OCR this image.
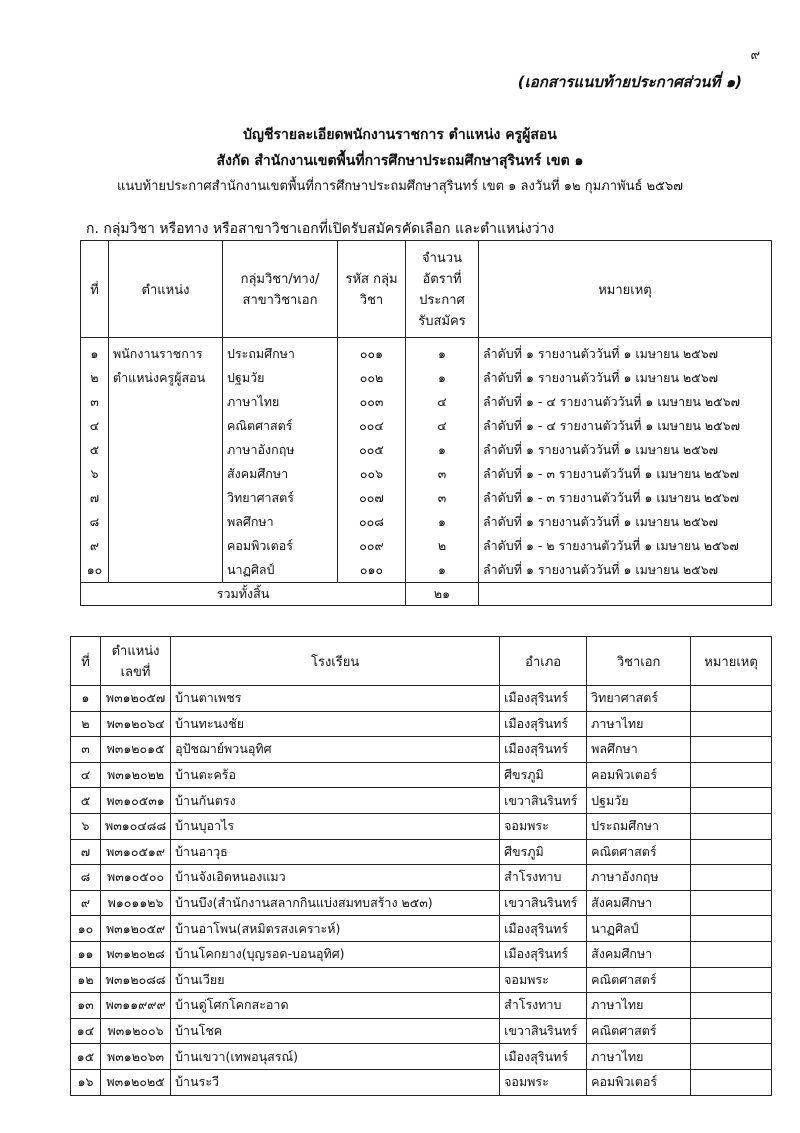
๙
(เอกสารแนบท้ายประกาศส่วนที่ ๑)
บัญชีรายละเอียดพนักงานราชการ ตำแหน่ง ครูผู้สอน
สังกัด สำนักงานเขตพื้นที่การศึกษาประถมศึกษาสุรินทร์ เขต ๑
แนบท้ายประกาศสำนักงานเขตพื้นที่การศึกษาประถมศึกษาสุรินทร์ เขต ๑ ลงวันที่ ๑๒ กุมภาพันธ์ ๒๕๖๗
ก. กลุ่มวิชา หรือทาง หรือสาขาวิชาเอกที่เปิดรับสมัครคัดเลือก และตำแหน่งว่าง
ที่	ตำแหน่ง	กลุ่มวิชา/ทาง/ สาขาวิชาเอก	รหัส กลุ่มวิชา	จำนวน อัตราที่ ประกาศ รับสมัคร	หมายเหตุ
๑	พนักงานราชการ	ประถมศึกษา	๐๐๑	๑	ลำดับที่ ๑ รายงานตัววันที่ ๑ เมษายน ๒๕๖๗
๒	ตำแหน่งครูผู้สอน	ปฐมวัย	๐๐๒	๑	ลำดับที่ ๑ รายงานตัววันที่ ๑ เมษายน ๒๕๖๗
๓		ภาษาไทย	๐๐๓	๔	ลำดับที่ ๑ - ๔ รายงานตัววันที่ ๑ เมษายน ๒๕๖๗
๔		คณิตศาสตร์	๐๐๔	๔	ลำดับที่ ๑ - ๔ รายงานตัววันที่ ๑ เมษายน ๒๕๖๗
๕		ภาษาอังกฤษ	๐๐๕	๑	ลำดับที่ ๑ รายงานตัววันที่ ๑ เมษายน ๒๕๖๗
๖		สังคมศึกษา	๐๐๖	๓	ลำดับที่ ๑ - ๓ รายงานตัววันที่ ๑ เมษายน ๒๕๖๗
๗		วิทยาศาสตร์	๐๐๗	๓	ลำดับที่ ๑ - ๓ รายงานตัววันที่ ๑ เมษายน ๒๕๖๗
๘		พลศึกษา	๐๐๘	๑	ลำดับที่ ๑ รายงานตัววันที่ ๑ เมษายน ๒๕๖๗
๙		คอมพิวเตอร์	๐๐๙	๒	ลำดับที่ ๑ - ๒ รายงานตัววันที่ ๑ เมษายน ๒๕๖๗
๑๐		นาฏศิลป์	๐๑๐	๑	ลำดับที่ ๑ รายงานตัววันที่ ๑ เมษายน ๒๕๖๗
รวมทั้งสิ้น				๒๑	
ที่	ตำแหน่ง เลขที่	โรงเรียน	อำเภอ	วิชาเอก	หมายเหตุ
๑	พ๓๑๒๐๕๗	บ้านตาเพชร	เมืองสุรินทร์	วิทยาศาสตร์	
๒	พ๓๑๒๐๖๔	บ้านทะนงชัย	เมืองสุรินทร์	ภาษาไทย	
๓	พ๓๑๒๐๑๕	อุปัชฌาย์พวนอุทิศ	เมืองสุรินทร์	พลศึกษา	
๔	พ๓๑๒๐๒๒	บ้านตะคร้อ	ศีขรภูมิ	คอมพิวเตอร์	
๕	พ๓๑๐๕๓๑	บ้านกันตรง	เขวาสินรินทร์	ปฐมวัย	
๖	พ๓๑๐๔๘๘	บ้านบุอาไร	จอมพระ	ประถมศึกษา	
๗	พ๓๑๐๕๑๙	บ้านอาวุธ	ศีขรภูมิ	คณิตศาสตร์	
๘	พ๓๑๐๕๐๐	บ้านจังเอิดหนองแมว	สำโรงทาบ	ภาษาอังกฤษ	
๙	พ๑๐๑๑๒๖	บ้านบึง(สำนักงานสลากกินแบ่งสมทบสร้าง ๒๕๓)	เขวาสินรินทร์	สังคมศึกษา	
๑๐	พ๓๑๒๐๕๙	บ้านอาโพน(สหมิตรสงเคราะห์)	เมืองสุรินทร์	นาฏศิลป์	
๑๑	พ๓๑๒๐๒๘	บ้านโคกยาง(บุญรอด-บอนอุทิศ)	เมืองสุรินทร์	สังคมศึกษา	
๑๒	พ๓๑๒๐๘๘	บ้านเวียย	จอมพระ	คณิตศาสตร์	
๑๓	พ๓๑๑๙๙๙	บ้านดู่โศกโคกสะอาด	สำโรงทาบ	ภาษาไทย	
๑๔	พ๓๑๒๐๐๖	บ้านโชค	เขวาสินรินทร์	คณิตศาสตร์	
๑๕	พ๓๑๒๐๖๓	บ้านเขวา(เทพอนุสรณ์)	เมืองสุรินทร์	ภาษาไทย	
๑๖	พ๓๑๒๐๒๕	บ้านระวี	จอมพระ	คอมพิวเตอร์	
